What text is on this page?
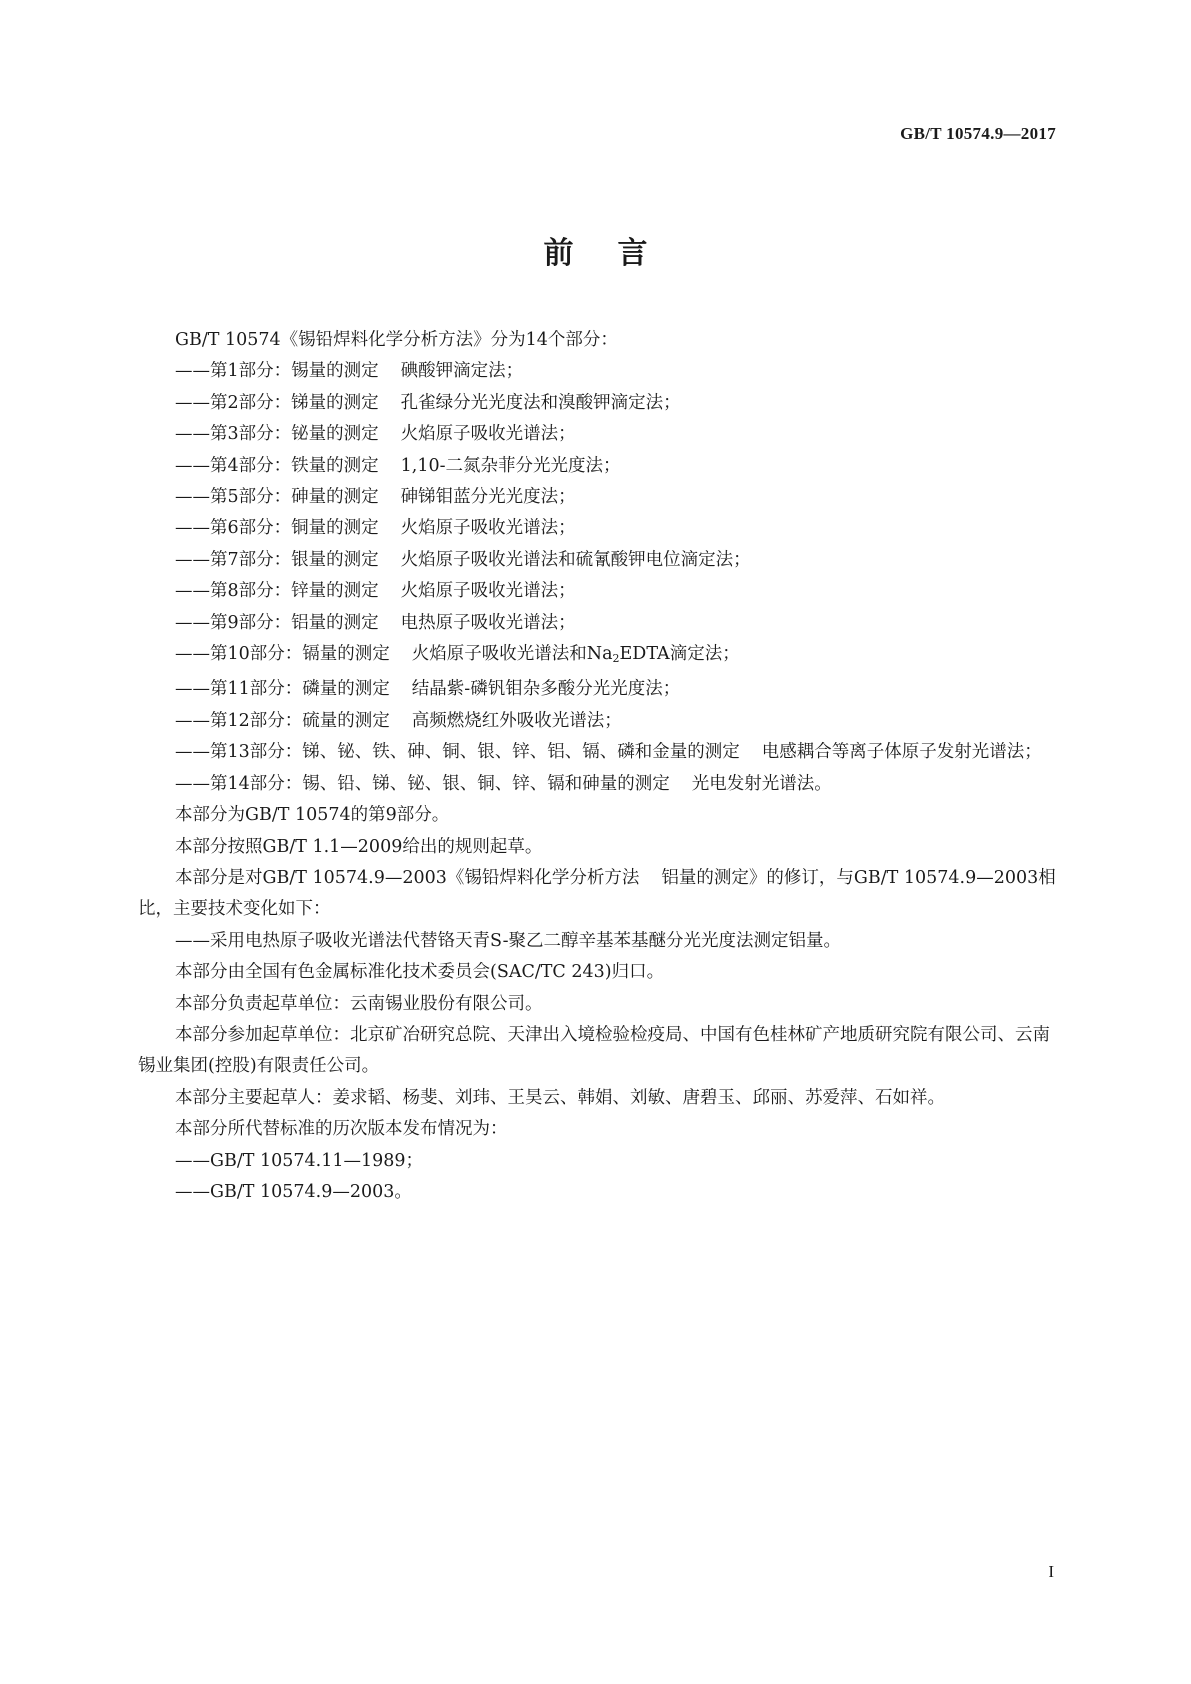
GB/T 10574.9—2017
前言

GB/T 10574《锡铅焊料化学分析方法》分为14个部分：

——第1部分：锡量的测定 碘酸钾滴定法；

——第2部分：锑量的测定 孔雀绿分光光度法和溴酸钾滴定法；

——第3部分：铋量的测定 火焰原子吸收光谱法；

——第4部分：铁量的测定 1,10-二氮杂菲分光光度法；

——第5部分：砷量的测定 砷锑钼蓝分光光度法；

——第6部分：铜量的测定 火焰原子吸收光谱法；

——第7部分：银量的测定 火焰原子吸收光谱法和硫氰酸钾电位滴定法；

——第8部分：锌量的测定 火焰原子吸收光谱法；

——第9部分：铝量的测定 电热原子吸收光谱法；

——第10部分：镉量的测定 火焰原子吸收光谱法和$Na_2EDTA$滴定法；

——第11部分：磷量的测定 结晶紫-磷钒钼杂多酸分光光度法；

——第12部分：硫量的测定 高频燃烧红外吸收光谱法；

——第13部分：锑、铋、铁、砷、铜、银、锌、铝、镉、磷和金量的测定 电感耦合等离子体原子发射光谱法；

——第14部分：锡、铅、锑、铋、银、铜、锌、镉和砷量的测定 光电发射光谱法。

本部分为GB/T 10574的第9部分。

本部分按照GB/T 1.1—2009给出的规则起草。

本部分是对GB/T 10574.9—2003《锡铅焊料化学分析方法 铝量的测定》的修订，与GB/T 10574.9—2003相比，主要技术变化如下：

——采用电热原子吸收光谱法代替铬天青S-聚乙二醇辛基苯基醚分光光度法测定铝量。

本部分由全国有色金属标准化技术委员会(SAC/TC 243)归口。

本部分负责起草单位：云南锡业股份有限公司。

本部分参加起草单位：北京矿冶研究总院、天津出入境检验检疫局、中国有色桂林矿产地质研究院有限公司、云南锡业集团(控股)有限责任公司。

本部分主要起草人：姜求韬、杨斐、刘玮、王昊云、韩娟、刘敏、唐碧玉、邱丽、苏爱萍、石如祥。

本部分所代替标准的历次版本发布情况为：

——GB/T 10574.11—1989；

——GB/T 10574.9—2003。

I
